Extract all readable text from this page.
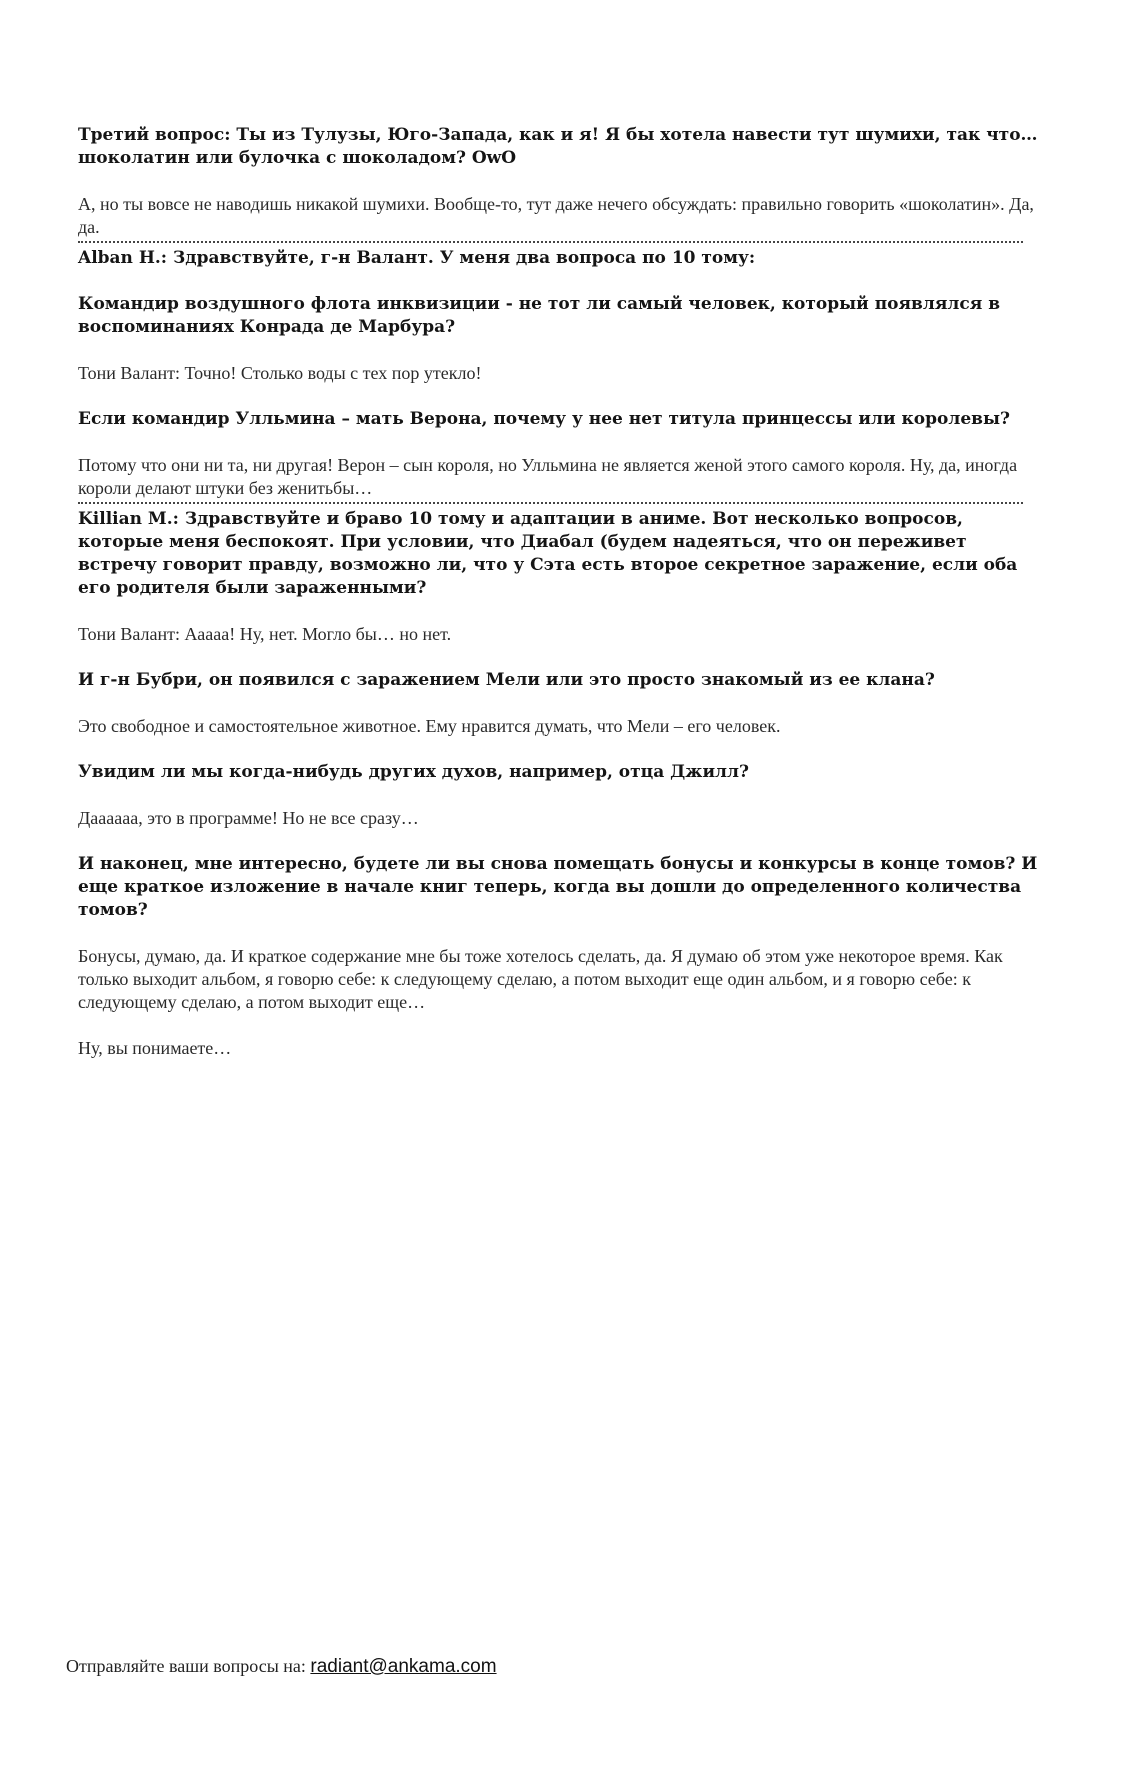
Третий вопрос: Ты из Тулузы, Юго-Запада, как и я! Я бы хотела навести тут шумихи, так что… шоколатин или булочка с шоколадом? OwO

А, но ты вовсе не наводишь никакой шумихи. Вообще-то, тут даже нечего обсуждать: правильно говорить «шоколатин». Да, да.

Alban H.: Здравствуйте, г-н Валант. У меня два вопроса по 10 тому:

Командир воздушного флота инквизиции - не тот ли самый человек, который появлялся в воспоминаниях Конрада де Марбура?

Тони Валант: Точно! Столько воды с тех пор утекло!

Если командир Улльмина – мать Верона, почему у нее нет титула принцессы или королевы?

Потому что они ни та, ни другая! Верон – сын короля, но Улльмина не является женой этого самого короля. Ну, да, иногда короли делают штуки без женитьбы…

Killian M.: Здравствуйте и браво 10 тому и адаптации в аниме. Вот несколько вопросов, которые меня беспокоят. При условии, что Диабал (будем надеяться, что он переживет встречу говорит правду, возможно ли, что у Сэта есть второе секретное заражение, если оба его родителя были зараженными?

Тони Валант: Ааааа! Ну, нет. Могло бы… но нет.

И г-н Бубри, он появился с заражением Мели или это просто знакомый из ее клана?

Это свободное и самостоятельное животное. Ему нравится думать, что Мели – его человек.

Увидим ли мы когда-нибудь других духов, например, отца Джилл?

Даааааа, это в программе! Но не все сразу…

И наконец, мне интересно, будете ли вы снова помещать бонусы и конкурсы в конце томов? И еще краткое изложение в начале книг теперь, когда вы дошли до определенного количества томов?

Бонусы, думаю, да. И краткое содержание мне бы тоже хотелось сделать, да. Я думаю об этом уже некоторое время. Как только выходит альбом, я говорю себе: к следующему сделаю, а потом выходит еще один альбом, и я говорю себе: к следующему сделаю, а потом выходит еще…

Ну, вы понимаете…

Отправляйте ваши вопросы на: radiant@ankama.com
